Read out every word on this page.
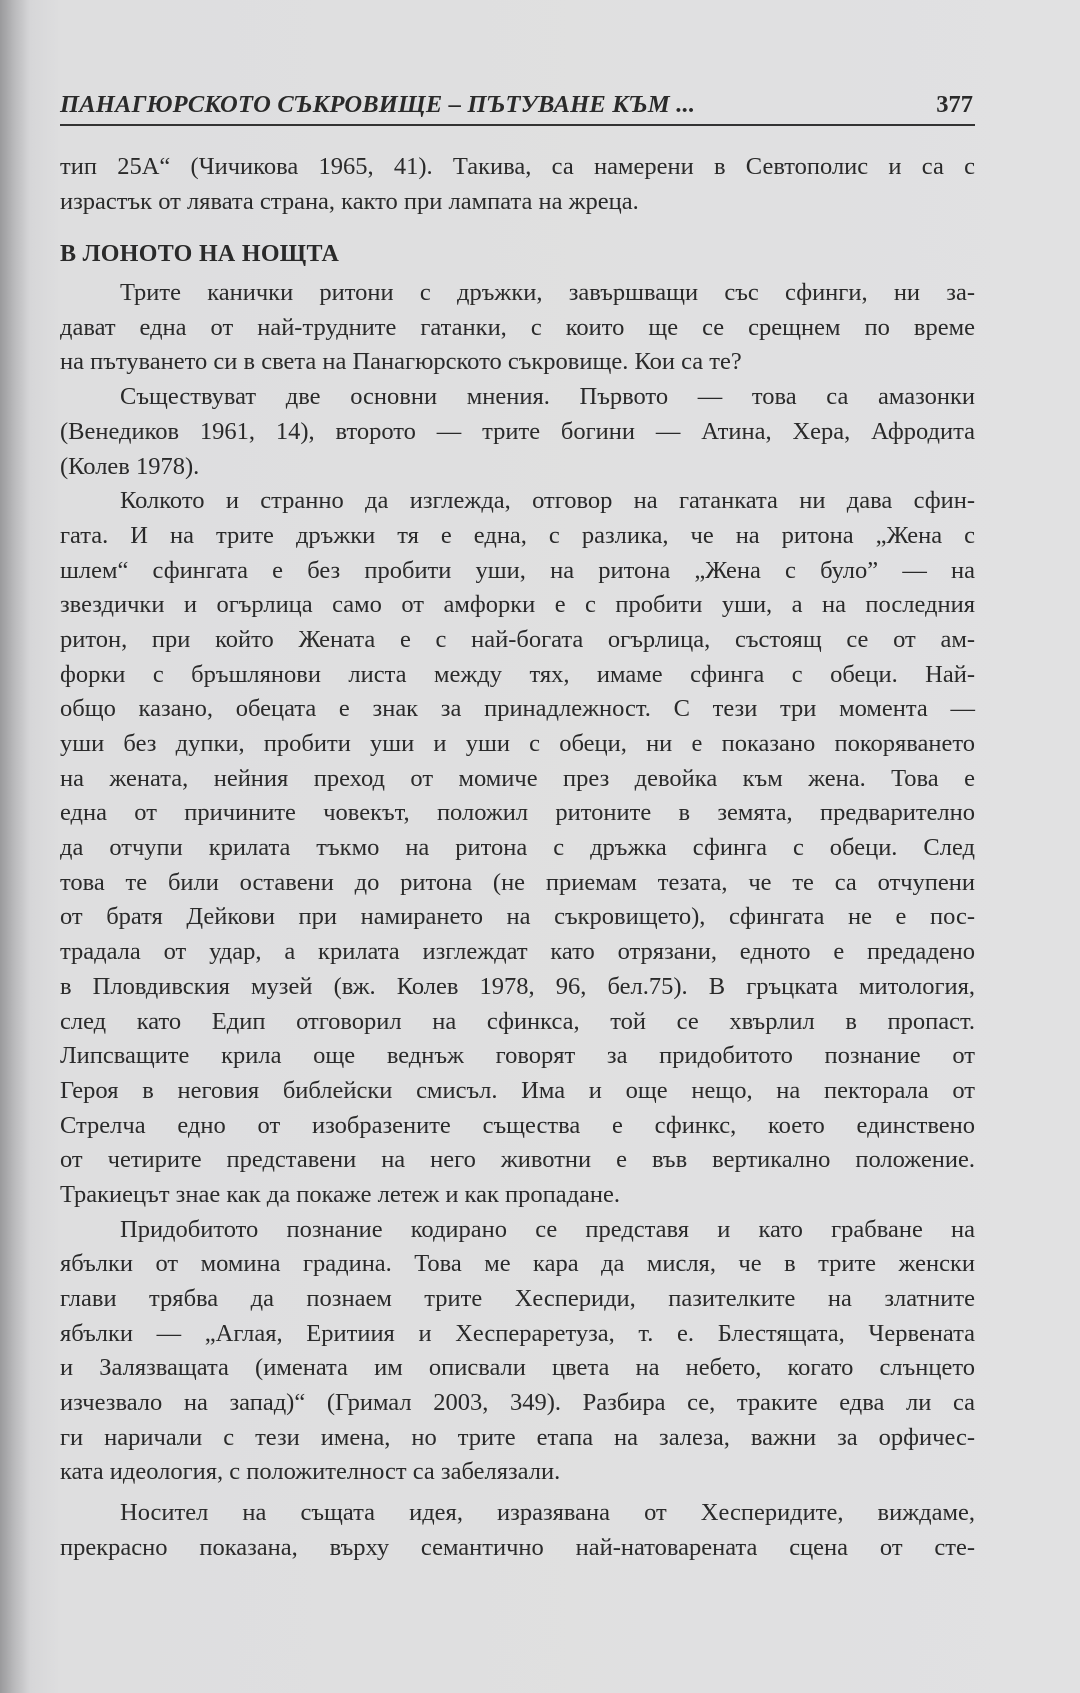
ПАНАГЮРСКОТО СЪКРОВИЩЕ – ПЪТУВАНЕ КЪМ ...	377
тип 25А“ (Чичикова 1965, 41). Такива, са намерени в Севтополис и са с
израстък от лявата страна, както при лампата на жреца.
В ЛОНОТО НА НОЩТА
Трите канички ритони с дръжки, завършващи със сфинги, ни за-
дават една от най-трудните гатанки, с които ще се срещнем по време
на пътуването си в света на Панагюрското съкровище. Кои са те?
Съществуват две основни мнения. Първото — това са амазонки
(Венедиков 1961, 14), второто — трите богини — Атина, Хера, Афродита
(Колев 1978).
Колкото и странно да изглежда, отговор на гатанката ни дава сфин-
гата. И на трите дръжки тя е една, с разлика, че на ритона „Жена с
шлем“ сфингата е без пробити уши, на ритона „Жена с було” — на
звездички и огърлица само от амфорки е с пробити уши, а на последния
ритон, при който Жената е с най-богата огърлица, състоящ се от ам-
форки с бръшлянови листа между тях, имаме сфинга с обеци. Най-
общо казано, обецата е знак за принадлежност. С тези три момента —
уши без дупки, пробити уши и уши с обеци, ни е показано покоряването
на жената, нейния преход от момиче през девойка към жена. Това е
една от причините човекът, положил ритоните в земята, предварително
да отчупи крилата тъкмо на ритона с дръжка сфинга с обеци. След
това те били оставени до ритона (не приемам тезата, че те са отчупени
от братя Дейкови при намирането на съкровището), сфингата не е пос-
традала от удар, а крилата изглеждат като отрязани, едното е предадено
в Пловдивския музей (вж. Колев 1978, 96, бел.75). В гръцката митология,
след като Едип отговорил на сфинкса, той се хвърлил в пропаст.
Липсващите крила още веднъж говорят за придобитото познание от
Героя в неговия библейски смисъл. Има и още нещо, на пекторала от
Стрелча едно от изобразените същества е сфинкс, което единствено
от четирите представени на него животни е във вертикално положение.
Тракиецът знае как да покаже летеж и как пропадане.
Придобитото познание кодирано се представя и като грабване на
ябълки от момина градина. Това ме кара да мисля, че в трите женски
глави трябва да познаем трите Хеспериди, пазителките на златните
ябълки — „Аглая, Еритиия и Хеспераретуза, т. е. Блестящата, Червената
и Залязващата (имената им описвали цвета на небето, когато слънцето
изчезвало на запад)“ (Гримал 2003, 349). Разбира се, траките едва ли са
ги наричали с тези имена, но трите етапа на залеза, важни за орфичес-
ката идеология, с положителност са забелязали.
Носител на същата идея, изразявана от Хесперидите, виждаме,
прекрасно показана, върху семантично най-натоварената сцена от сте-
